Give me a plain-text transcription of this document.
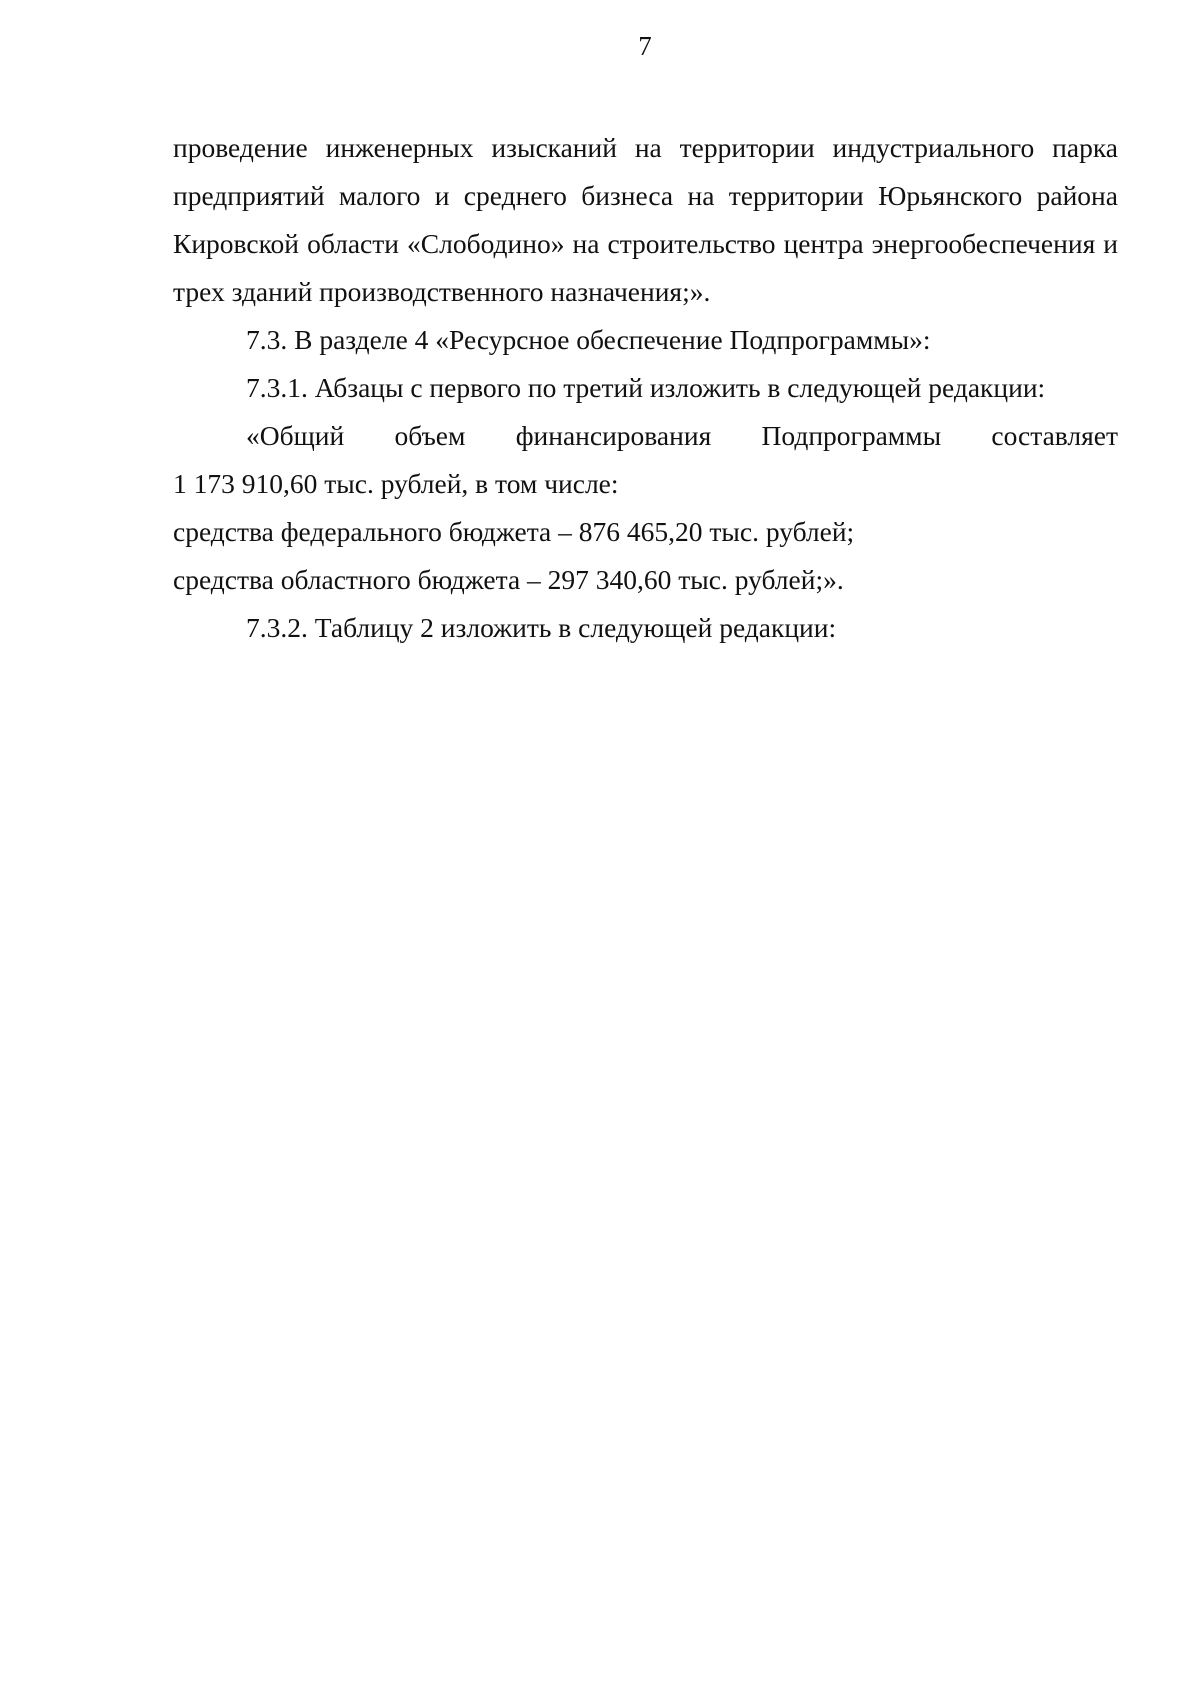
7

проведение инженерных изысканий на территории индустриального парка предприятий малого и среднего бизнеса на территории Юрьянского района Кировской области «Слободино» на строительство центра энергообеспечения и трех зданий производственного назначения;».

7.3. В разделе 4 «Ресурсное обеспечение Подпрограммы»:

7.3.1. Абзацы с первого по третий изложить в следующей редакции:

«Общий объем финансирования Подпрограммы составляет

1 173 910,60 тыс. рублей, в том числе:

средства федерального бюджета – 876 465,20 тыс. рублей;

средства областного бюджета – 297 340,60 тыс. рублей;».

7.3.2. Таблицу 2 изложить в следующей редакции:
